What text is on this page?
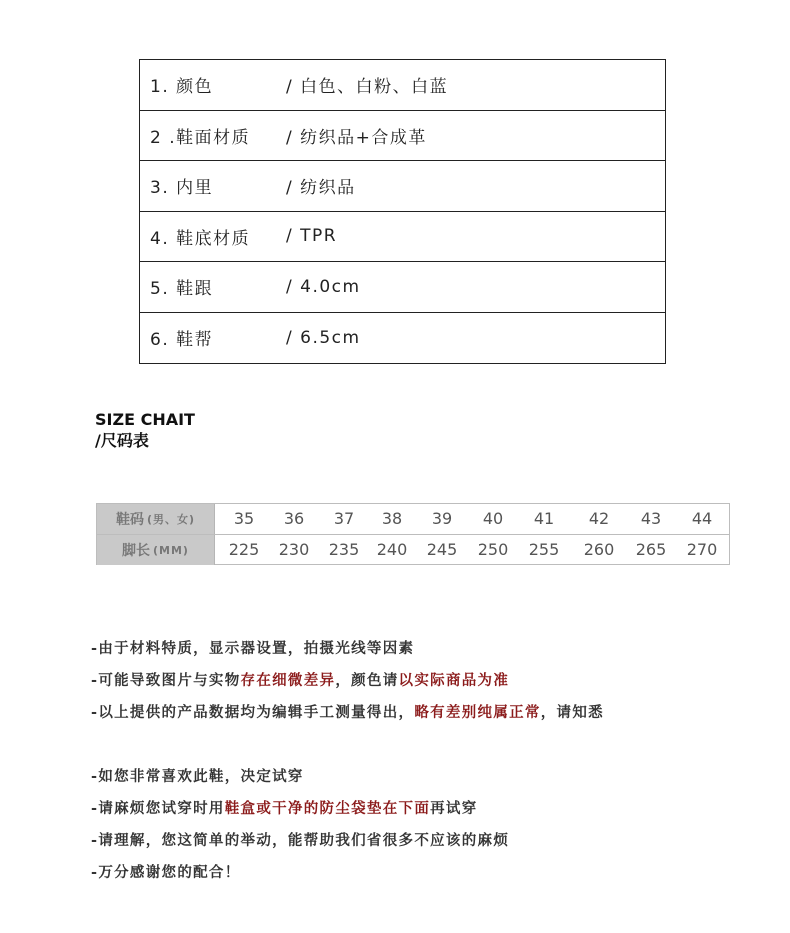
1. 颜色	/ 白色、白粉、白蓝
2 .鞋面材质	/ 纺织品+合成革
3. 内里	/ 纺织品
4. 鞋底材质	/ TPR
5. 鞋跟	/ 4.0cm
6. 鞋帮	/ 6.5cm
SIZE CHAIT
/尺码表
鞋码 (男、女) 35 36 37 38 39 40 41 42 43 44
脚长 (MM) 225 230 235 240 245 250 255 260 265 270
-由于材料特质，显示器设置，拍摄光线等因素
-可能导致图片与实物存在细微差异，颜色请以实际商品为准
-以上提供的产品数据均为编辑手工测量得出，略有差别纯属正常，请知悉
-如您非常喜欢此鞋，决定试穿
-请麻烦您试穿时用鞋盒或干净的防尘袋垫在下面再试穿
-请理解，您这简单的举动，能帮助我们省很多不应该的麻烦
-万分感谢您的配合！
